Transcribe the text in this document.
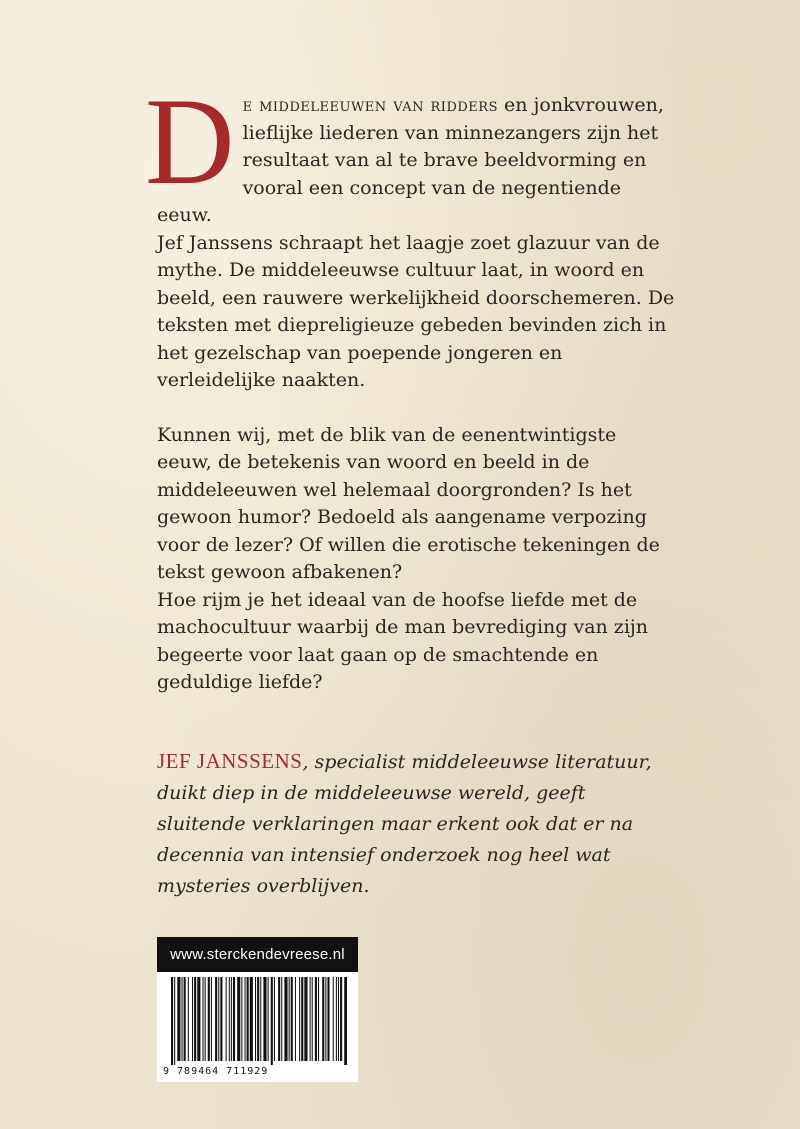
D e middeleeuwen van ridders en jonkvrouwen, lieflijke liederen van minnezangers zijn het resultaat van al te brave beeldvorming en vooral een concept van de negentiende eeuw.
Jef Janssens schraapt het laagje zoet glazuur van de mythe. De middeleeuwse cultuur laat, in woord en beeld, een rauwere werkelijkheid doorschemeren. De teksten met diepreligieuze gebeden bevinden zich in het gezelschap van poepende jongeren en verleidelijke naakten.
Kunnen wij, met de blik van de eenentwintigste eeuw, de betekenis van woord en beeld in de middeleeuwen wel helemaal doorgronden? Is het gewoon humor? Bedoeld als aangename verpozing voor de lezer? Of willen die erotische tekeningen de tekst gewoon afbakenen?
Hoe rijm je het ideaal van de hoofse liefde met de machocultuur waarbij de man bevrediging van zijn begeerte voor laat gaan op de smachtende en geduldige liefde?
JEF JANSSENS, specialist middeleeuwse literatuur, duikt diep in de middeleeuwse wereld, geeft sluitende verklaringen maar erkent ook dat er na decennia van intensief onderzoek nog heel wat mysteries overblijven.
www.sterckendevreese.nl
9 789464 711929
